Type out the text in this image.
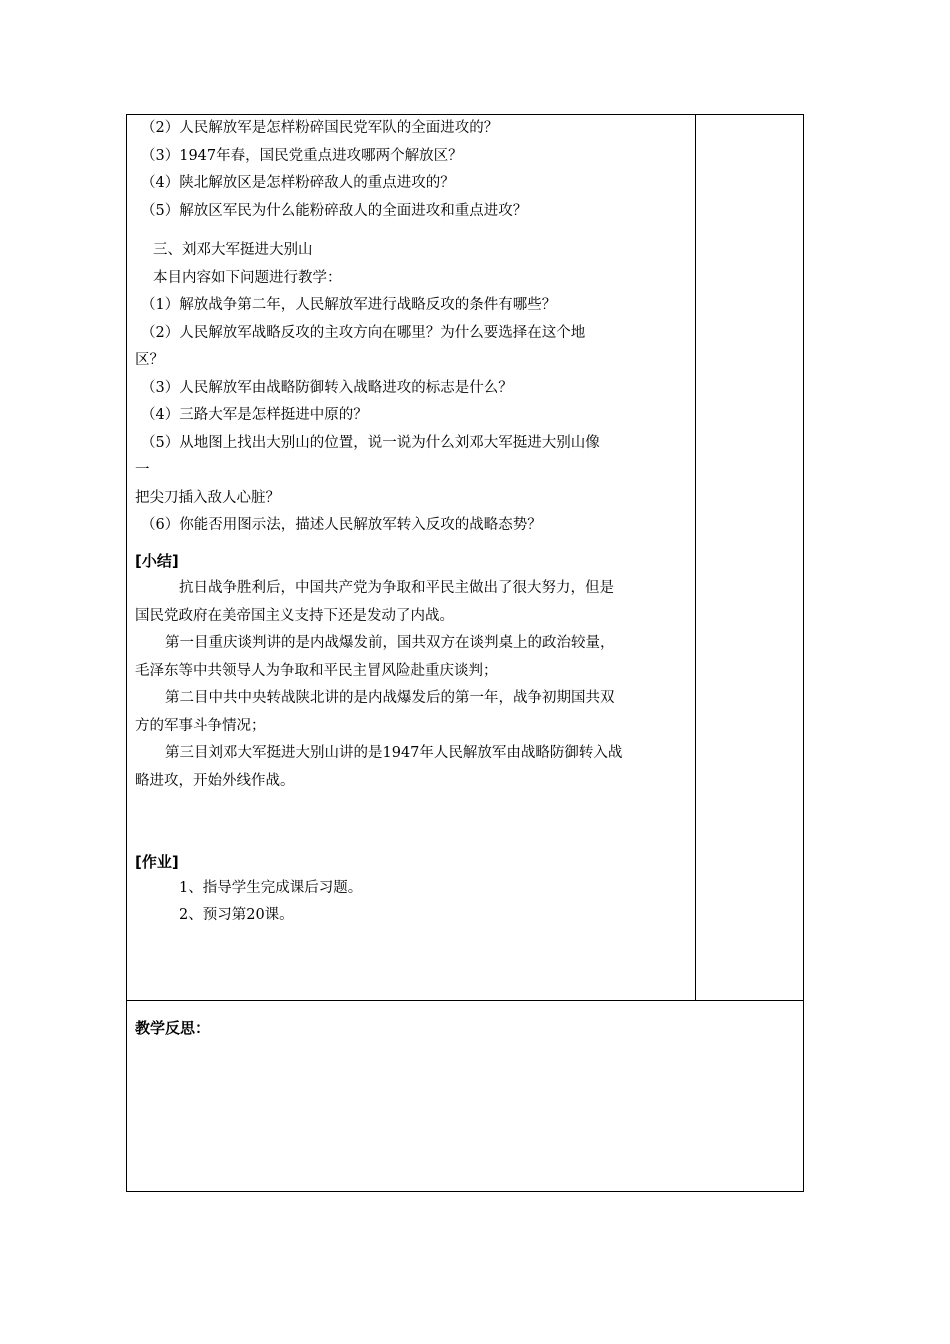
（2）人民解放军是怎样粉碎国民党军队的全面进攻的？
（3）1947年春，国民党重点进攻哪两个解放区？
（4）陕北解放区是怎样粉碎敌人的重点进攻的？
（5）解放区军民为什么能粉碎敌人的全面进攻和重点进攻？
三、刘邓大军挺进大别山
本目内容如下问题进行教学：
（1）解放战争第二年，人民解放军进行战略反攻的条件有哪些？
（2）人民解放军战略反攻的主攻方向在哪里？为什么要选择在这个地
区？
（3）人民解放军由战略防御转入战略进攻的标志是什么？
（4）三路大军是怎样挺进中原的？
（5）从地图上找出大别山的位置，说一说为什么刘邓大军挺进大别山像
一
把尖刀插入敌人心脏？
（6）你能否用图示法，描述人民解放军转入反攻的战略态势？
[小结]
抗日战争胜利后，中国共产党为争取和平民主做出了很大努力，但是
国民党政府在美帝国主义支持下还是发动了内战。
第一目重庆谈判讲的是内战爆发前，国共双方在谈判桌上的政治较量，
毛泽东等中共领导人为争取和平民主冒风险赴重庆谈判；
第二目中共中央转战陕北讲的是内战爆发后的第一年，战争初期国共双
方的军事斗争情况；
第三目刘邓大军挺进大别山讲的是1947年人民解放军由战略防御转入战
略进攻，开始外线作战。
[作业]
1、指导学生完成课后习题。
2、预习第20课。
教学反思：
